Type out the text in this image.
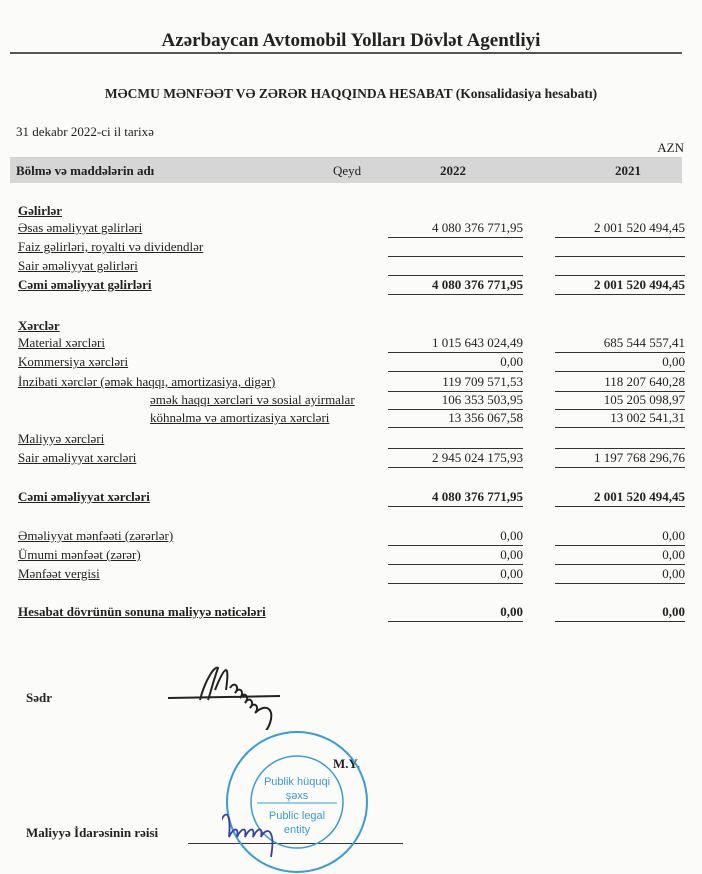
Azərbaycan Avtomobil Yolları Dövlət Agentliyi
MƏCMU MƏNFƏƏT VƏ ZƏRƏR HAQQINDA HESABAT (Konsalidasiya hesabatı)
31 dekabr 2022-ci il tarixə
AZN
Bölmə və maddələrin adı	Qeyd	2022	2021
Gəlirlər
Əsas əməliyyat gəlirləri	4 080 376 771,95	2 001 520 494,45
Faiz gəlirləri, royalti və dividendlər
Sair əməliyyat gəlirləri
Cəmi əməliyyat gəlirləri	4 080 376 771,95	2 001 520 494,45
Xərclər
Material xərcləri	1 015 643 024,49	685 544 557,41
Kommersiya xərcləri	0,00	0,00
İnzibati xərclər (əmək haqqı, amortizasiya, digər)	119 709 571,53	118 207 640,28
əmək haqqı xərcləri və sosial ayirmalar	106 353 503,95	105 205 098,97
köhnəlmə və amortizasiya xərcləri	13 356 067,58	13 002 541,31
Maliyyə xərcləri
Sair əməliyyat xərcləri	2 945 024 175,93	1 197 768 296,76
Cəmi əməliyyat xərcləri	4 080 376 771,95	2 001 520 494,45
Əməliyyat mənfəəti (zərərlər)	0,00	0,00
Ümumi mənfəət (zərər)	0,00	0,00
Mənfəət vergisi	0,00	0,00
Hesabat dövrünün sonuna maliyyə nəticələri	0,00	0,00
Sədr
M.Y.
Maliyyə İdarəsinin rəisi
Publik hüquqi
şəxs
Public legal
entity
